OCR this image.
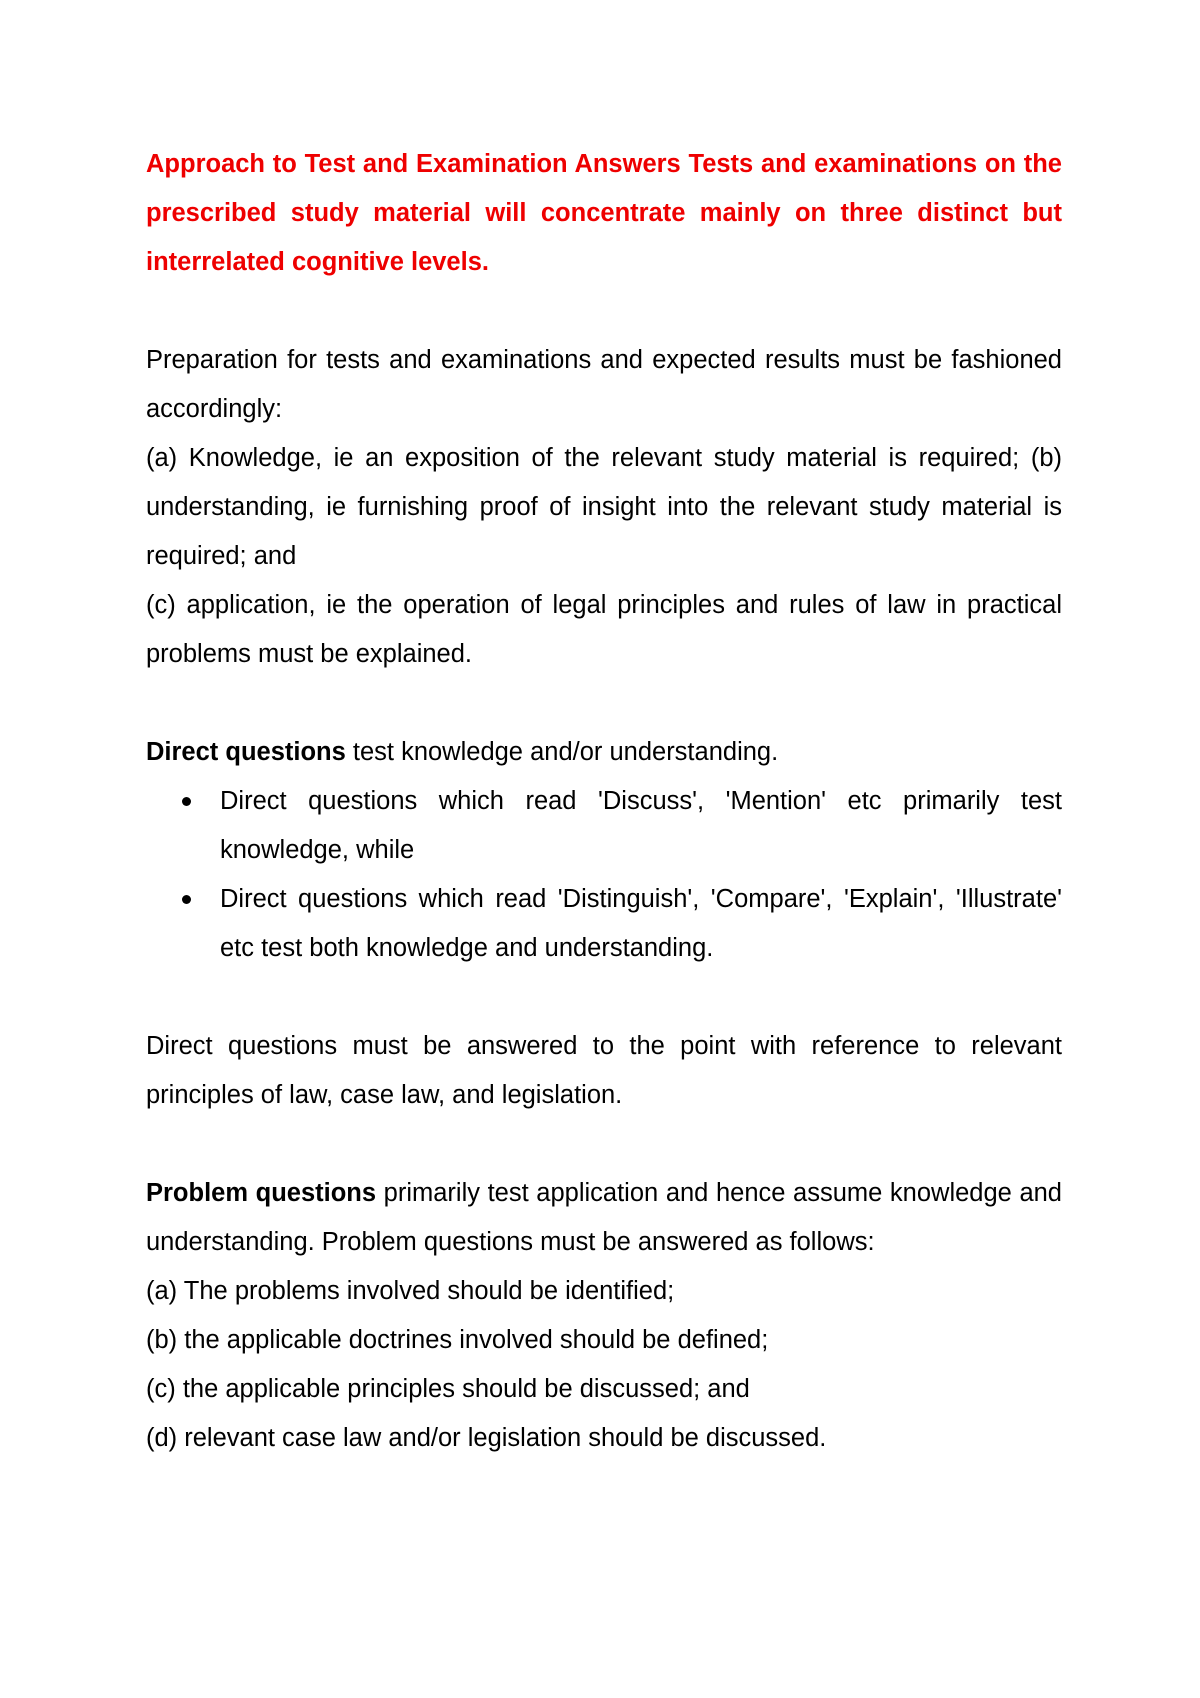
Approach to Test and Examination Answers Tests and examinations on the prescribed study material will concentrate mainly on three distinct but interrelated cognitive levels.

Preparation for tests and examinations and expected results must be fashioned accordingly:

(a) Knowledge, ie an exposition of the relevant study material is required; (b) understanding, ie furnishing proof of insight into the relevant study material is required; and

(c) application, ie the operation of legal principles and rules of law in practical problems must be explained.

Direct questions test knowledge and/or understanding.

Direct questions which read 'Discuss', 'Mention' etc primarily test knowledge, while
Direct questions which read 'Distinguish', 'Compare', 'Explain', 'Illustrate' etc test both knowledge and understanding.

Direct questions must be answered to the point with reference to relevant principles of law, case law, and legislation.

Problem questions primarily test application and hence assume knowledge and understanding. Problem questions must be answered as follows:

(a) The problems involved should be identified;

(b) the applicable doctrines involved should be defined;

(c) the applicable principles should be discussed; and

(d) relevant case law and/or legislation should be discussed.
